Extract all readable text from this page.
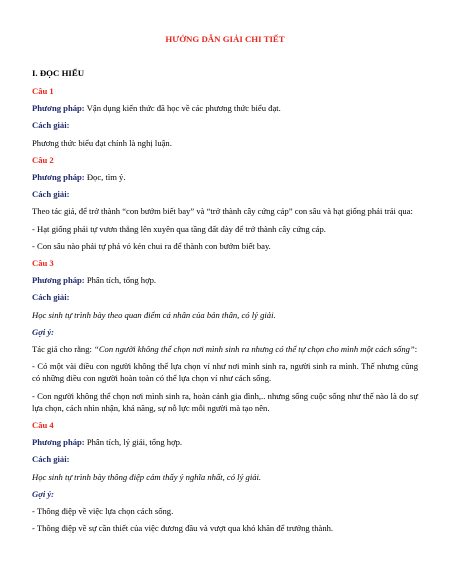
HƯỚNG DẪN GIẢI CHI TIẾT
I. ĐỌC HIỂU
Câu 1
Phương pháp: Vận dụng kiến thức đã học về các phương thức biểu đạt.
Cách giải:
Phương thức biểu đạt chính là nghị luận.
Câu 2
Phương pháp: Đọc, tìm ý.
Cách giải:
Theo tác giả, để trở thành “con bướm biết bay” và “trở thành cây cứng cáp” con sâu và hạt giống phải trải qua:
- Hạt giống phải tự vươn thẳng lên xuyên qua tầng đất dày để trở thành cây cứng cáp.
- Con sâu nào phải tự phá vỏ kén chui ra để thành con bướm biết bay.
Câu 3
Phương pháp: Phân tích, tổng hợp.
Cách giải:
Học sinh tự trình bày theo quan điểm cá nhân của bản thân, có lý giải.
Gợi ý:
Tác giả cho rằng: “Con người không thể chọn nơi mình sinh ra nhưng có thể tự chọn cho mình một cách sống”:
- Có một vài điều con người không thể lựa chọn ví như nơi mình sinh ra, người sinh ra mình. Thế nhưng cũng có những điều con người hoàn toàn có thể lựa chọn ví như cách sống.
- Con người không thể chọn nơi mình sinh ra, hoàn cảnh gia đình,.. nhưng sống cuộc sống như thế nào là do sự lựa chọn, cách nhìn nhận, khả năng, sự nỗ lực mỗi người mà tạo nên.
Câu 4
Phương pháp: Phân tích, lý giải, tổng hợp.
Cách giải:
Học sinh tự trình bày thông điệp cảm thấy ý nghĩa nhất, có lý giải.
Gợi ý:
- Thông điệp về việc lựa chọn cách sống.
- Thông điệp về sự cần thiết của việc đương đầu và vượt qua khó khăn để trưởng thành.
